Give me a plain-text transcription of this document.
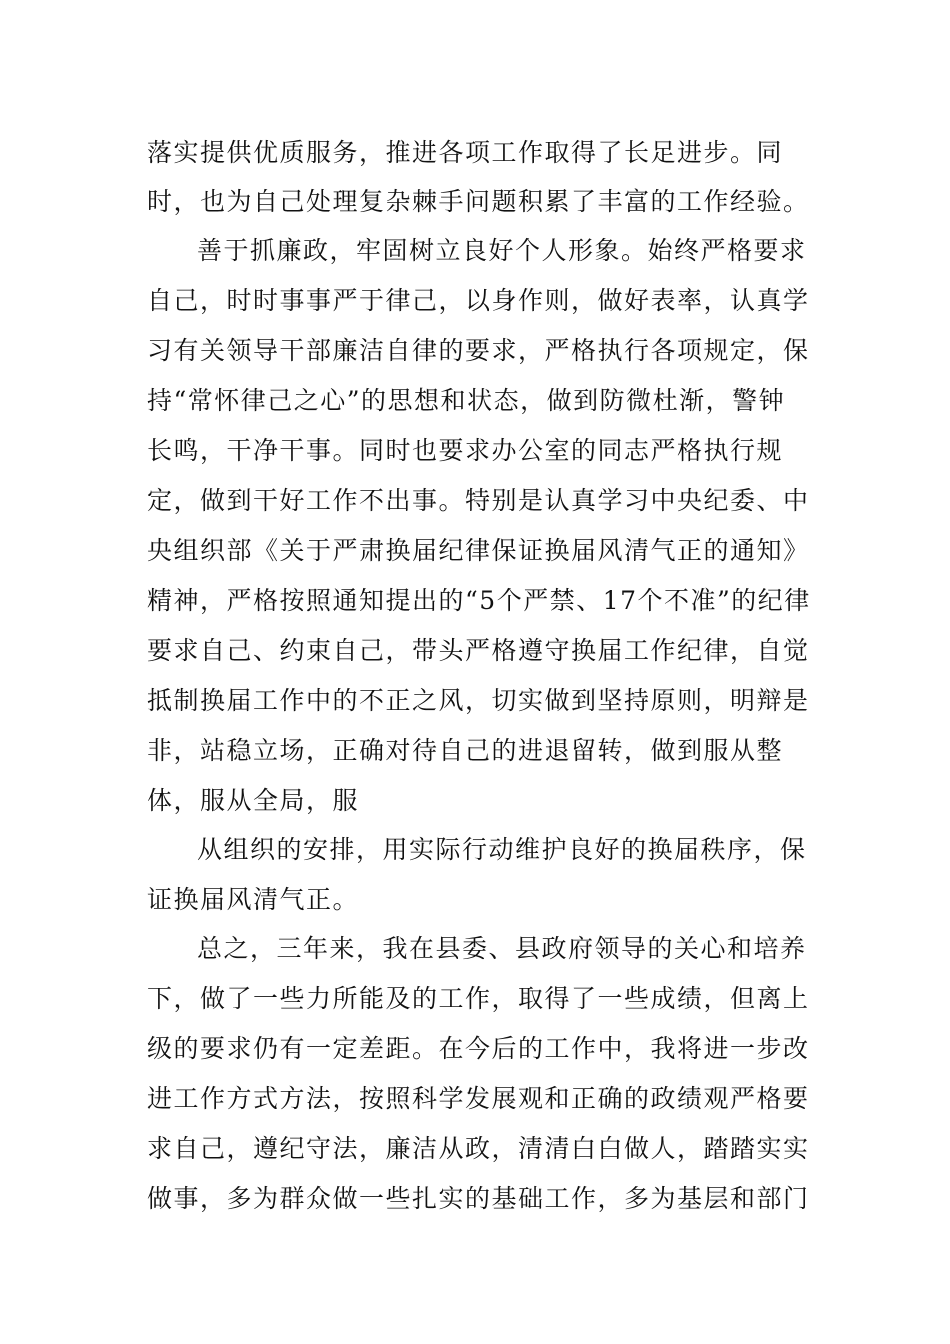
落实提供优质服务，推进各项工作取得了长足进步。同

时，也为自己处理复杂棘手问题积累了丰富的工作经验。

善于抓廉政，牢固树立良好个人形象。始终严格要求

自己，时时事事严于律己，以身作则，做好表率，认真学

习有关领导干部廉洁自律的要求，严格执行各项规定，保

持“常怀律己之心”的思想和状态，做到防微杜渐，警钟

长鸣，干净干事。同时也要求办公室的同志严格执行规

定，做到干好工作不出事。特别是认真学习中央纪委、中

央组织部《关于严肃换届纪律保证换届风清气正的通知》

精神，严格按照通知提出的“5个严禁、17个不准”的纪律

要求自己、约束自己，带头严格遵守换届工作纪律，自觉

抵制换届工作中的不正之风，切实做到坚持原则，明辩是

非，站稳立场，正确对待自己的进退留转，做到服从整

体，服从全局，服

从组织的安排，用实际行动维护良好的换届秩序，保

证换届风清气正。

总之，三年来，我在县委、县政府领导的关心和培养

下，做了一些力所能及的工作，取得了一些成绩，但离上

级的要求仍有一定差距。在今后的工作中，我将进一步改

进工作方式方法，按照科学发展观和正确的政绩观严格要

求自己，遵纪守法，廉洁从政，清清白白做人，踏踏实实

做事，多为群众做一些扎实的基础工作，多为基层和部门
